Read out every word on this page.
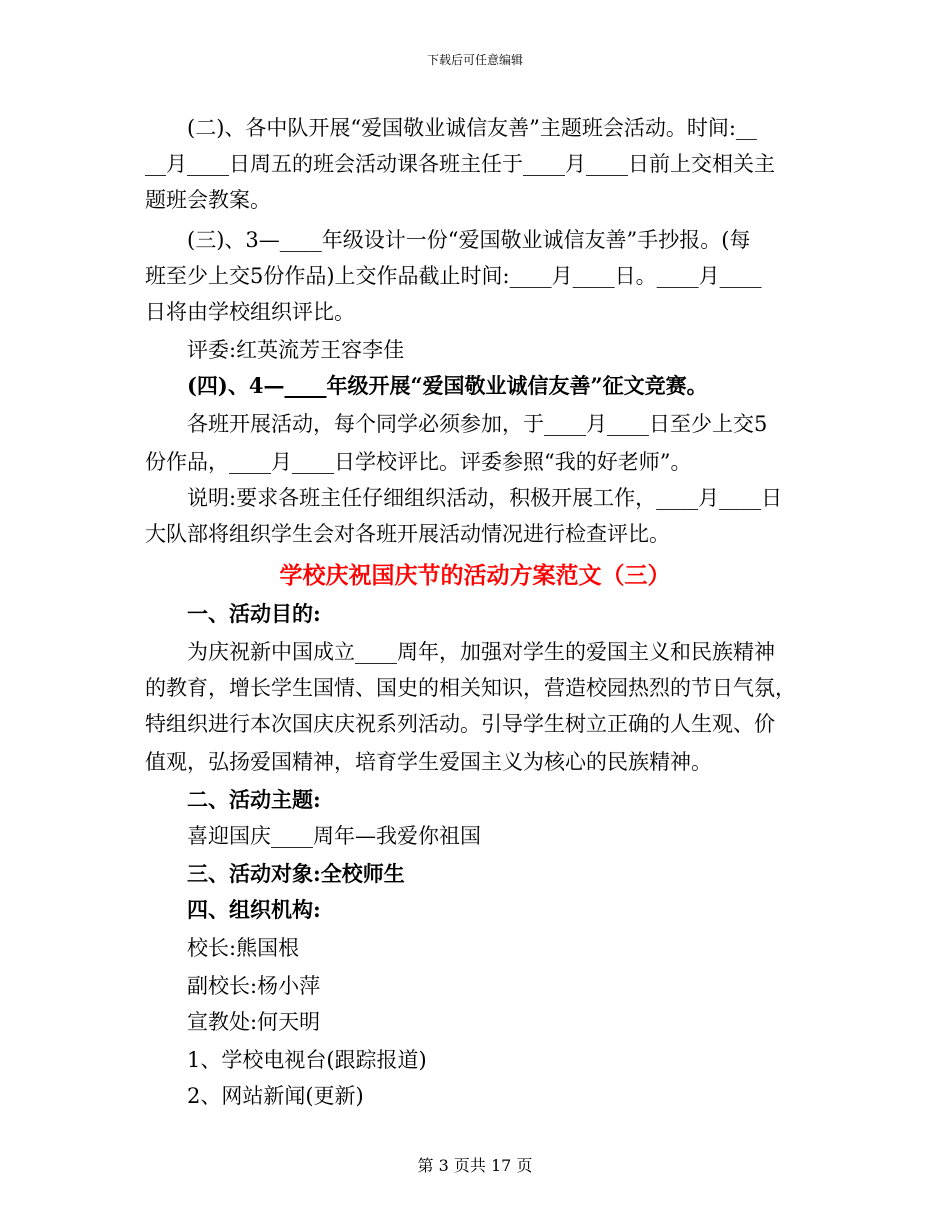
下载后可任意编辑
(二)、各中队开展“爱国敬业诚信友善”主题班会活动。时间:__
__月____日周五的班会活动课各班主任于____月____日前上交相关主
题班会教案。
(三)、3—____年级设计一份“爱国敬业诚信友善”手抄报。(每
班至少上交5份作品)上交作品截止时间:____月____日。____月____
日将由学校组织评比。
评委:红英流芳王容李佳
(四)、4—____年级开展“爱国敬业诚信友善”征文竞赛。
各班开展活动，每个同学必须参加，于____月____日至少上交5
份作品，____月____日学校评比。评委参照“我的好老师”。
说明:要求各班主任仔细组织活动，积极开展工作，____月____日
大队部将组织学生会对各班开展活动情况进行检查评比。
学校庆祝国庆节的活动方案范文（三）
一、活动目的:
为庆祝新中国成立____周年，加强对学生的爱国主义和民族精神
的教育，增长学生国情、国史的相关知识，营造校园热烈的节日气氛，
特组织进行本次国庆庆祝系列活动。引导学生树立正确的人生观、价
值观，弘扬爱国精神，培育学生爱国主义为核心的民族精神。
二、活动主题:
喜迎国庆____周年—我爱你祖国
三、活动对象:全校师生
四、组织机构:
校长:熊国根
副校长:杨小萍
宣教处:何天明
1、学校电视台(跟踪报道)
2、网站新闻(更新)
第 3 页共 17 页
